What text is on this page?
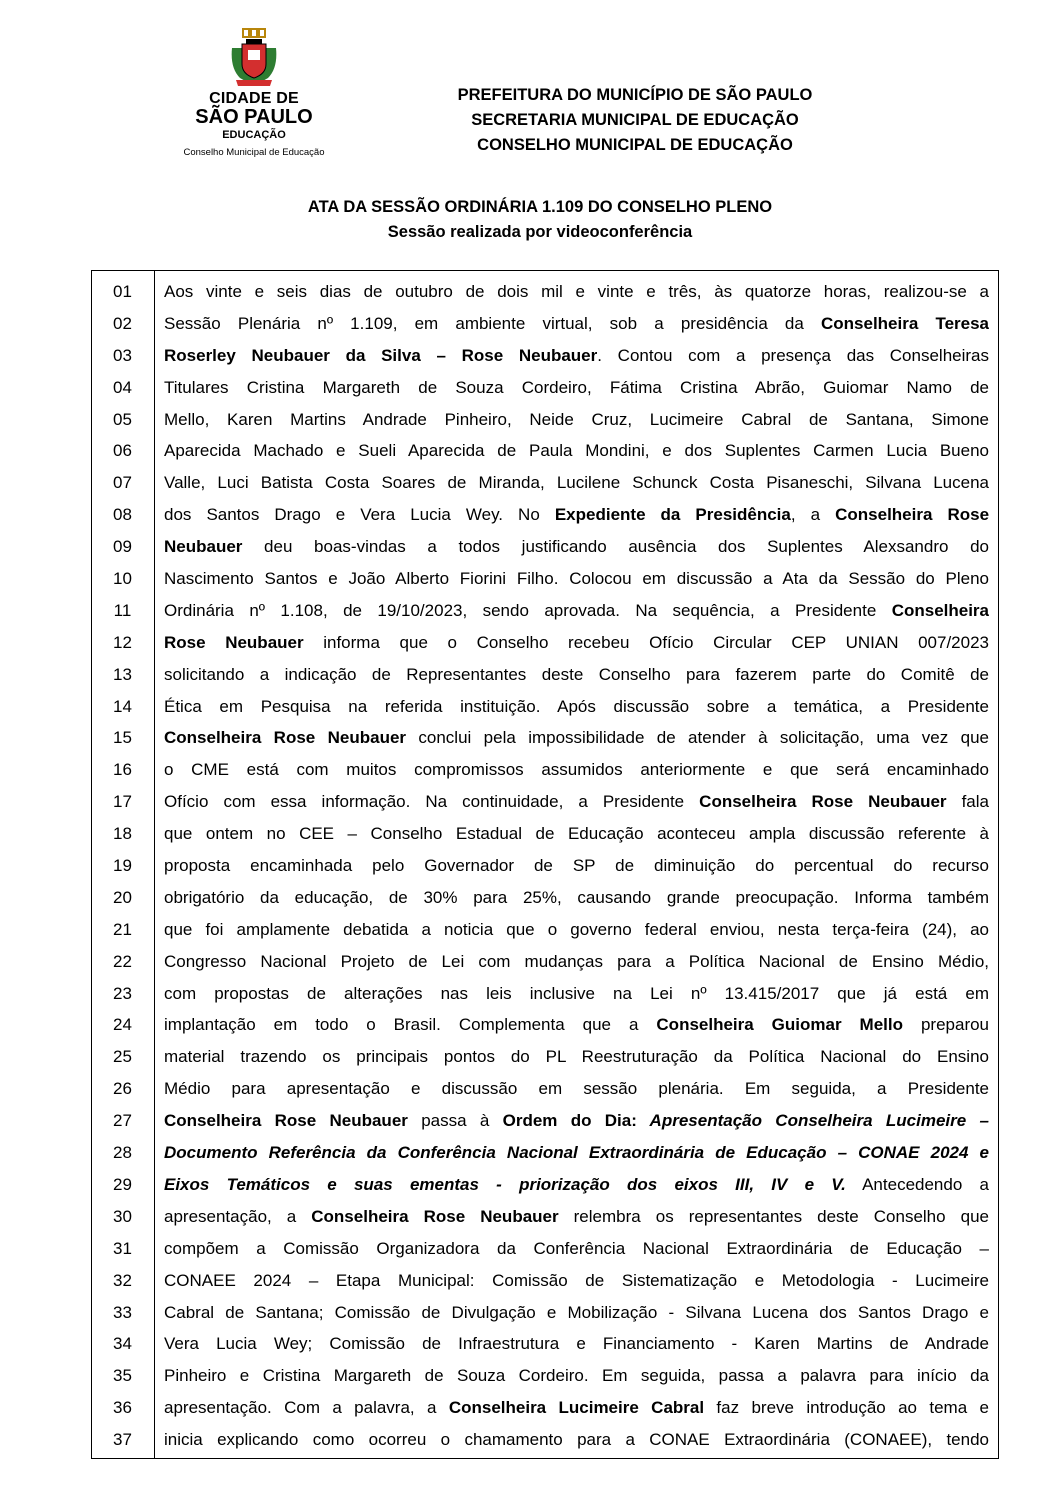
CIDADE DE
SÃO PAULO
EDUCAÇÃO
Conselho Municipal de Educação
PREFEITURA DO MUNICÍPIO DE SÃO PAULO
SECRETARIA MUNICIPAL DE EDUCAÇÃO
CONSELHO MUNICIPAL DE EDUCAÇÃO
ATA DA SESSÃO ORDINÁRIA 1.109 DO CONSELHO PLENO
Sessão realizada por videoconferência
01
02
03
04
05
06
07
08
09
10
11
12
13
14
15
16
17
18
19
20
21
22
23
24
25
26
27
28
29
30
31
32
33
34
35
36
37
Aos vinte e seis dias de outubro de dois mil e vinte e três, às quatorze horas, realizou-se a
Sessão Plenária nº 1.109, em ambiente virtual, sob a presidência da Conselheira Teresa
Roserley Neubauer da Silva – Rose Neubauer. Contou com a presença das Conselheiras
Titulares Cristina Margareth de Souza Cordeiro, Fátima Cristina Abrão, Guiomar Namo de
Mello, Karen Martins Andrade Pinheiro, Neide Cruz, Lucimeire Cabral de Santana, Simone
Aparecida Machado e Sueli Aparecida de Paula Mondini, e dos Suplentes Carmen Lucia Bueno
Valle, Luci Batista Costa Soares de Miranda, Lucilene Schunck Costa Pisaneschi, Silvana Lucena
dos Santos Drago e Vera Lucia Wey. No Expediente da Presidência, a Conselheira Rose
Neubauer deu boas-vindas a todos justificando ausência dos Suplentes Alexsandro do
Nascimento Santos e João Alberto Fiorini Filho. Colocou em discussão a Ata da Sessão do Pleno
Ordinária nº 1.108, de 19/10/2023, sendo aprovada. Na sequência, a Presidente Conselheira
Rose Neubauer informa que o Conselho recebeu Ofício Circular CEP UNIAN 007/2023
solicitando a indicação de Representantes deste Conselho para fazerem parte do Comitê de
Ética em Pesquisa na referida instituição. Após discussão sobre a temática, a Presidente
Conselheira Rose Neubauer conclui pela impossibilidade de atender à solicitação, uma vez que
o CME está com muitos compromissos assumidos anteriormente e que será encaminhado
Ofício com essa informação. Na continuidade, a Presidente Conselheira Rose Neubauer fala
que ontem no CEE – Conselho Estadual de Educação aconteceu ampla discussão referente à
proposta encaminhada pelo Governador de SP de diminuição do percentual do recurso
obrigatório da educação, de 30% para 25%, causando grande preocupação. Informa também
que foi amplamente debatida a noticia que o governo federal enviou, nesta terça-feira (24), ao
Congresso Nacional Projeto de Lei com mudanças para a Política Nacional de Ensino Médio,
com propostas de alterações nas leis inclusive na Lei nº 13.415/2017 que já está em
implantação em todo o Brasil. Complementa que a Conselheira Guiomar Mello preparou
material trazendo os principais pontos do PL Reestruturação da Política Nacional do Ensino
Médio para apresentação e discussão em sessão plenária. Em seguida, a Presidente
Conselheira Rose Neubauer passa à Ordem do Dia: Apresentação Conselheira Lucimeire –
Documento Referência da Conferência Nacional Extraordinária de Educação – CONAE 2024 e
Eixos Temáticos e suas ementas - priorização dos eixos III, IV e V. Antecedendo a
apresentação, a Conselheira Rose Neubauer relembra os representantes deste Conselho que
compõem a Comissão Organizadora da Conferência Nacional Extraordinária de Educação –
CONAEE 2024 – Etapa Municipal: Comissão de Sistematização e Metodologia - Lucimeire
Cabral de Santana; Comissão de Divulgação e Mobilização - Silvana Lucena dos Santos Drago e
Vera Lucia Wey; Comissão de Infraestrutura e Financiamento - Karen Martins de Andrade
Pinheiro e Cristina Margareth de Souza Cordeiro. Em seguida, passa a palavra para início da
apresentação. Com a palavra, a Conselheira Lucimeire Cabral faz breve introdução ao tema e
inicia explicando como ocorreu o chamamento para a CONAE Extraordinária (CONAEE), tendo
